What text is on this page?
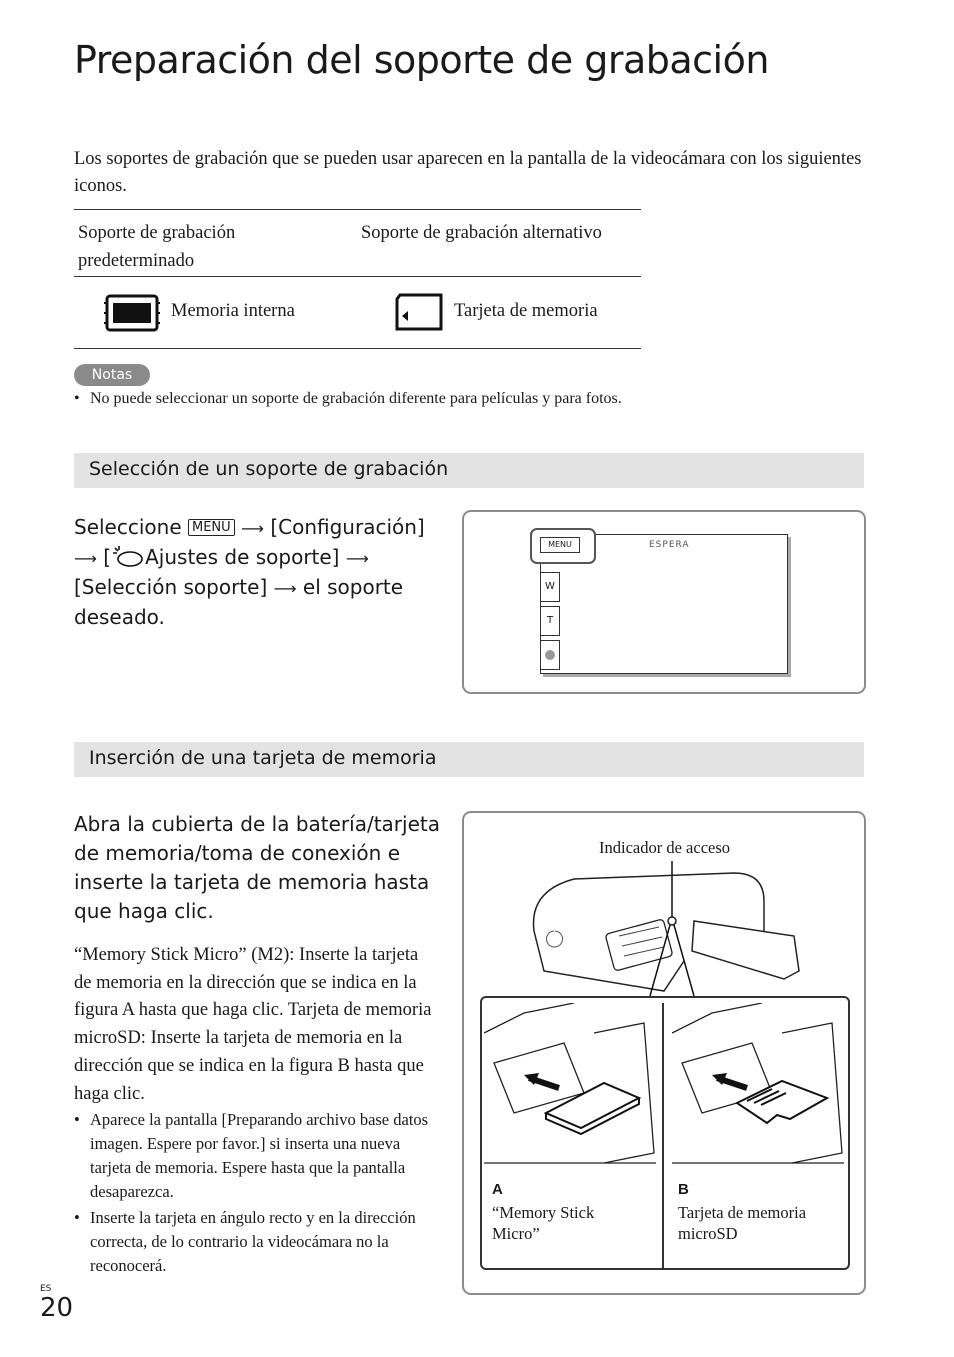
Preparación del soporte de grabación
Los soportes de grabación que se pueden usar aparecen en la pantalla de la videocámara con los siguientes iconos.
Soporte de grabación predeterminado
Soporte de grabación alternativo
Memoria interna	Tarjeta de memoria
Notas
• No puede seleccionar un soporte de grabación diferente para películas y para fotos.
Selección de un soporte de grabación
Seleccione MENU ⟶ [Configuración]
⟶ [ Ajustes de soporte] ⟶
[Selección soporte] ⟶ el soporte deseado.
MENU	ESPERA
W
T
Inserción de una tarjeta de memoria
Abra la cubierta de la batería/tarjeta de memoria/toma de conexión e inserte la tarjeta de memoria hasta que haga clic.
“Memory Stick Micro” (M2): Inserte la tarjeta de memoria en la dirección que se indica en la figura A hasta que haga clic. Tarjeta de memoria microSD: Inserte la tarjeta de memoria en la dirección que se indica en la figura B hasta que haga clic.
• Aparece la pantalla [Preparando archivo base datos imagen. Espere por favor.] si inserta una nueva tarjeta de memoria. Espere hasta que la pantalla desaparezca.
• Inserte la tarjeta en ángulo recto y en la dirección correcta, de lo contrario la videocámara no la reconocerá.
Indicador de acceso
A
“Memory Stick
Micro”
B
Tarjeta de memoria
microSD
ES
20
